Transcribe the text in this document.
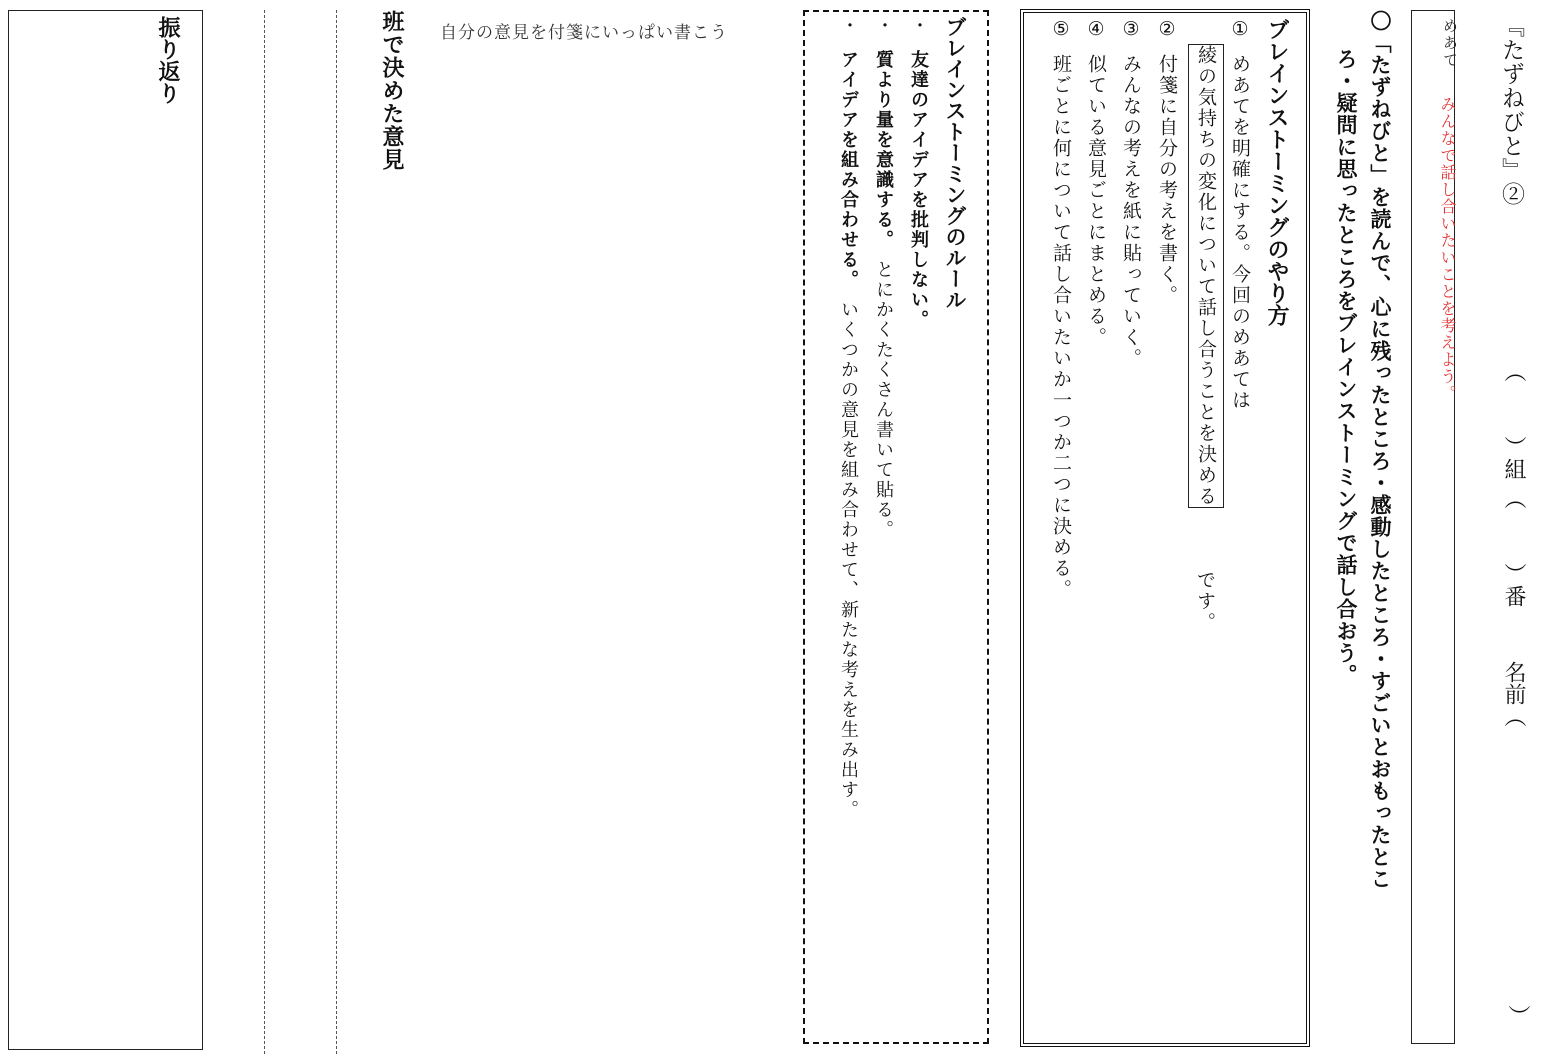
『たずねびと』②
（  ）組 （  ）番  名前（
）
めあて
みんなで話し合いたいことを考えよう。
〇「たずねびと」を読んで、心に残ったところ・感動したところ・すごいとおもったとこ
ろ・疑問に思ったところをブレインストーミングで話し合おう。
ブレインストーミングのやり方
①めあてを明確にする。今回のめあては
綾の気持ちの変化について話し合うことを決める
です。
②付箋に自分の考えを書く。
③みんなの考えを紙に貼っていく。
④似ている意見ごとにまとめる。
⑤班ごとに何について話し合いたいか一つか二つに決める。
ブレインストーミングのルール
・友達のアイデアを批判しない。
・質より量を意識する。とにかくたくさん書いて貼る。
・アイデアを組み合わせる。いくつかの意見を組み合わせて、新たな考えを生み出す。
自分の意見を付箋にいっぱい書こう
班で決めた意見
振り返り
